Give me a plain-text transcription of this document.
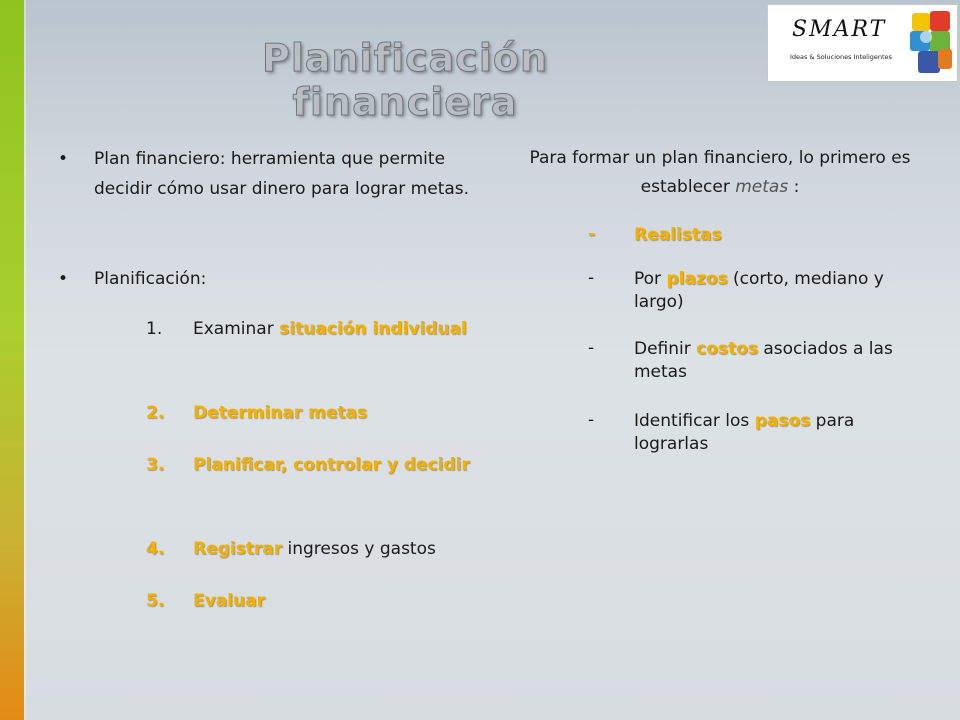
Planificación financiera
SMART
Ideas & Soluciones Inteligentes
• Plan financiero: herramienta que permite decidir cómo usar dinero para lograr metas.
• Planificación:
1.	Examinar situación individual
2.	Determinar metas
3.	Planificar, controlar y decidir
4.	Registrar ingresos y gastos
5.	Evaluar
Para formar un plan financiero, lo primero es establecer metas :
- Realistas
- Por plazos (corto, mediano y largo)
- Definir costos asociados a las metas
- Identificar los pasos para lograrlas
